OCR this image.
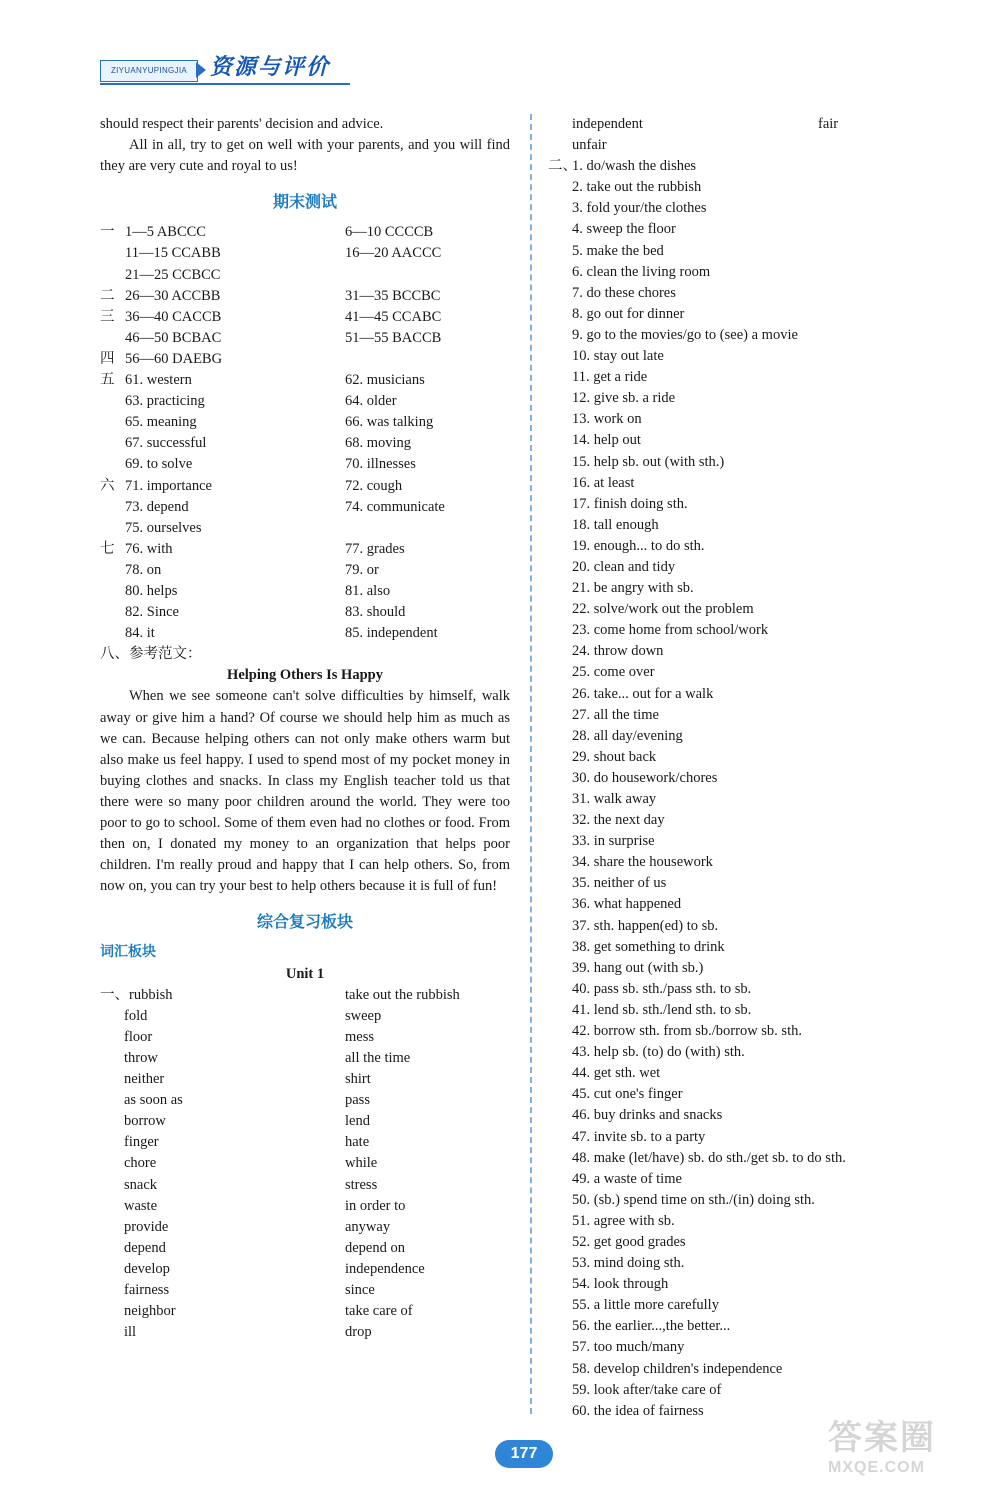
ZIYUANYUPINGJIA	资源与评价

should respect their parents' decision and advice.

All in all, try to get on well with your parents, and you will find they are very cute and royal to us!

期末测试
一 1—5 ABCCC	6—10 CCCCB
11—15 CCABB	16—20 AACCC
21—25 CCBCC
二 26—30 ACCBB	31—35 BCCBC
三 36—40 CACCB	41—45 CCABC
46—50 BCBAC	51—55 BACCB
四 56—60 DAEBG
五 61. western	62. musicians
63. practicing	64. older
65. meaning	66. was talking
67. successful	68. moving
69. to solve	70. illnesses
六 71. importance	72. cough
73. depend	74. communicate
75. ourselves
七 76. with	77. grades
78. on	79. or
80. helps	81. also
82. Since	83. should
84. it	85. independent
八、参考范文：

Helping Others Is Happy

When we see someone can't solve difficulties by himself, walk away or give him a hand? Of course we should help him as much as we can. Because helping others can not only make others warm but also make us feel happy. I used to spend most of my pocket money in buying clothes and snacks. In class my English teacher told us that there were so many poor children around the world. They were too poor to go to school. Some of them even had no clothes or food. From then on, I donated my money to an organization that helps poor children. I'm really proud and happy that I can help others. So, from now on, you can try your best to help others because it is full of fun!

综合复习板块
词汇板块

Unit 1

一、rubbish	take out the rubbish
fold	sweep
floor	mess
throw	all the time
neither	shirt
as soon as	pass
borrow	lend
finger	hate
chore	while
snack	stress
waste	in order to
provide	anyway
depend	depend on
develop	independence
fairness	since
neighbor	take care of
ill	drop
independent	fair
unfair
二、
1. do/wash the dishes
2. take out the rubbish
3. fold your/the clothes
4. sweep the floor
5. make the bed
6. clean the living room
7. do these chores
8. go out for dinner
9. go to the movies/go to (see) a movie
10. stay out late
11. get a ride
12. give sb. a ride
13. work on
14. help out
15. help sb. out (with sth.)
16. at least
17. finish doing sth.
18. tall enough
19. enough... to do sth.
20. clean and tidy
21. be angry with sb.
22. solve/work out the problem
23. come home from school/work
24. throw down
25. come over
26. take... out for a walk
27. all the time
28. all day/evening
29. shout back
30. do housework/chores
31. walk away
32. the next day
33. in surprise
34. share the housework
35. neither of us
36. what happened
37. sth. happen(ed) to sb.
38. get something to drink
39. hang out (with sb.)
40. pass sb. sth./pass sth. to sb.
41. lend sb. sth./lend sth. to sb.
42. borrow sth. from sb./borrow sb. sth.
43. help sb. (to) do (with) sth.
44. get sth. wet
45. cut one's finger
46. buy drinks and snacks
47. invite sb. to a party
48. make (let/have) sb. do sth./get sb. to do sth.
49. a waste of time
50. (sb.) spend time on sth./(in) doing sth.
51. agree with sb.
52. get good grades
53. mind doing sth.
54. look through
55. a little more carefully
56. the earlier...,the better...
57. too much/many
58. develop children's independence
59. look after/take care of
60. the idea of fairness
177	答案圈
MXQE.COM
